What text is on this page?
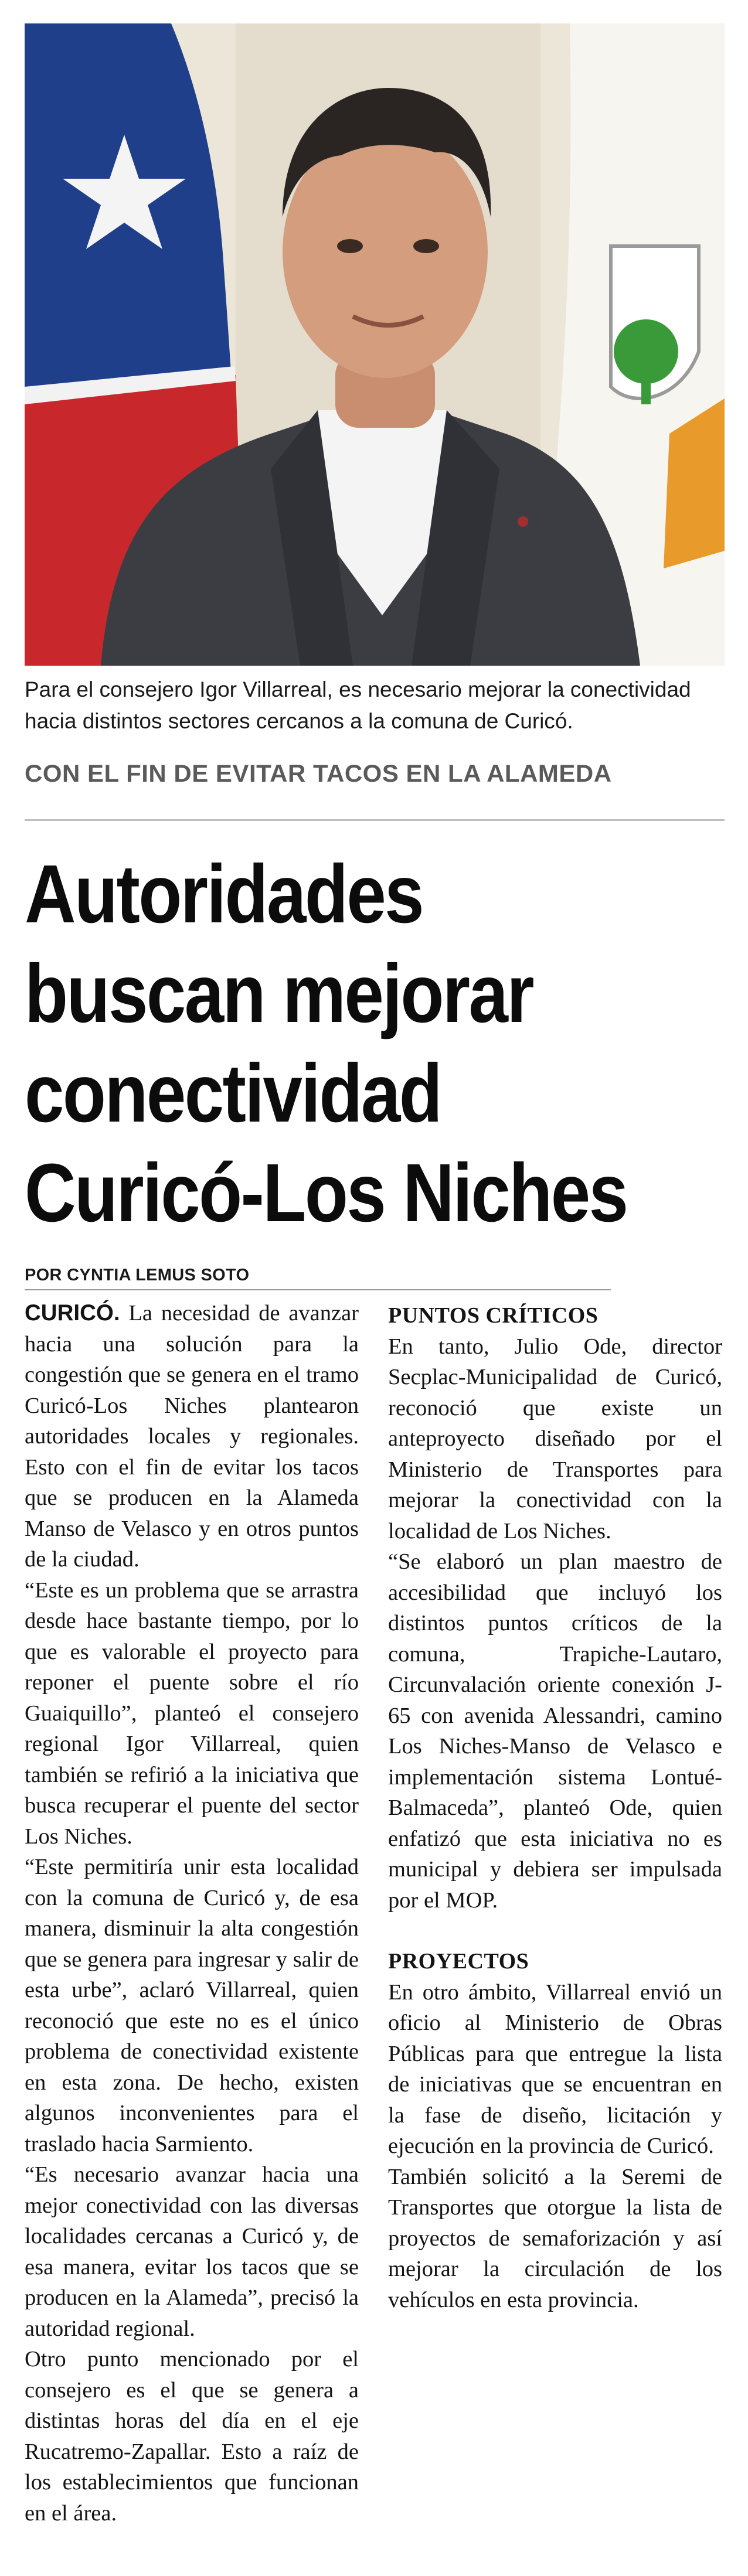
Para el consejero Igor Villarreal, es necesario mejorar la conectividad hacia distintos sectores cercanos a la comuna de Curicó.

CON EL FIN DE EVITAR TACOS EN LA ALAMEDA

Autoridades
buscan mejorar
conectividad
Curicó-Los Niches

POR CYNTIA LEMUS SOTO

CURICÓ. La necesidad de avanzar hacia una solución para la congestión que se genera en el tramo Curicó-Los Niches plantearon autoridades locales y regionales. Esto con el fin de evitar los tacos que se producen en la Alameda Manso de Velasco y en otros puntos de la ciudad.

“Este es un problema que se arrastra desde hace bastante tiempo, por lo que es valorable el proyecto para reponer el puente sobre el río Guaiquillo”, planteó el consejero regional Igor Villarreal, quien también se refirió a la iniciativa que busca recuperar el puente del sector Los Niches.

“Este permitiría unir esta localidad con la comuna de Curicó y, de esa manera, disminuir la alta congestión que se genera para ingresar y salir de esta urbe”, aclaró Villarreal, quien reconoció que este no es el único problema de conectividad existente en esta zona. De hecho, existen algunos inconvenientes para el traslado hacia Sarmiento.

“Es necesario avanzar hacia una mejor conectividad con las diversas localidades cercanas a Curicó y, de esa manera, evitar los tacos que se producen en la Alameda”, precisó la autoridad regional.

Otro punto mencionado por el consejero es el que se genera a distintas horas del día en el eje Rucatremo-Zapallar. Esto a raíz de los establecimientos que funcionan en el área.

PUNTOS CRÍTICOS

En tanto, Julio Ode, director Secplac-Municipalidad de Curicó, reconoció que existe un anteproyecto diseñado por el Ministerio de Transportes para mejorar la conectividad con la localidad de Los Niches.

“Se elaboró un plan maestro de accesibilidad que incluyó los distintos puntos críticos de la comuna, Trapiche-Lautaro, Circunvalación oriente conexión J-65 con avenida Alessandri, camino Los Niches-Manso de Velasco e implementación sistema Lontué-Balmaceda”, planteó Ode, quien enfatizó que esta iniciativa no es municipal y debiera ser impulsada por el MOP.

PROYECTOS

En otro ámbito, Villarreal envió un oficio al Ministerio de Obras Públicas para que entregue la lista de iniciativas que se encuentran en la fase de diseño, licitación y ejecución en la provincia de Curicó.

También solicitó a la Seremi de Transportes que otorgue la lista de proyectos de semaforización y así mejorar la circulación de los vehículos en esta provincia.
